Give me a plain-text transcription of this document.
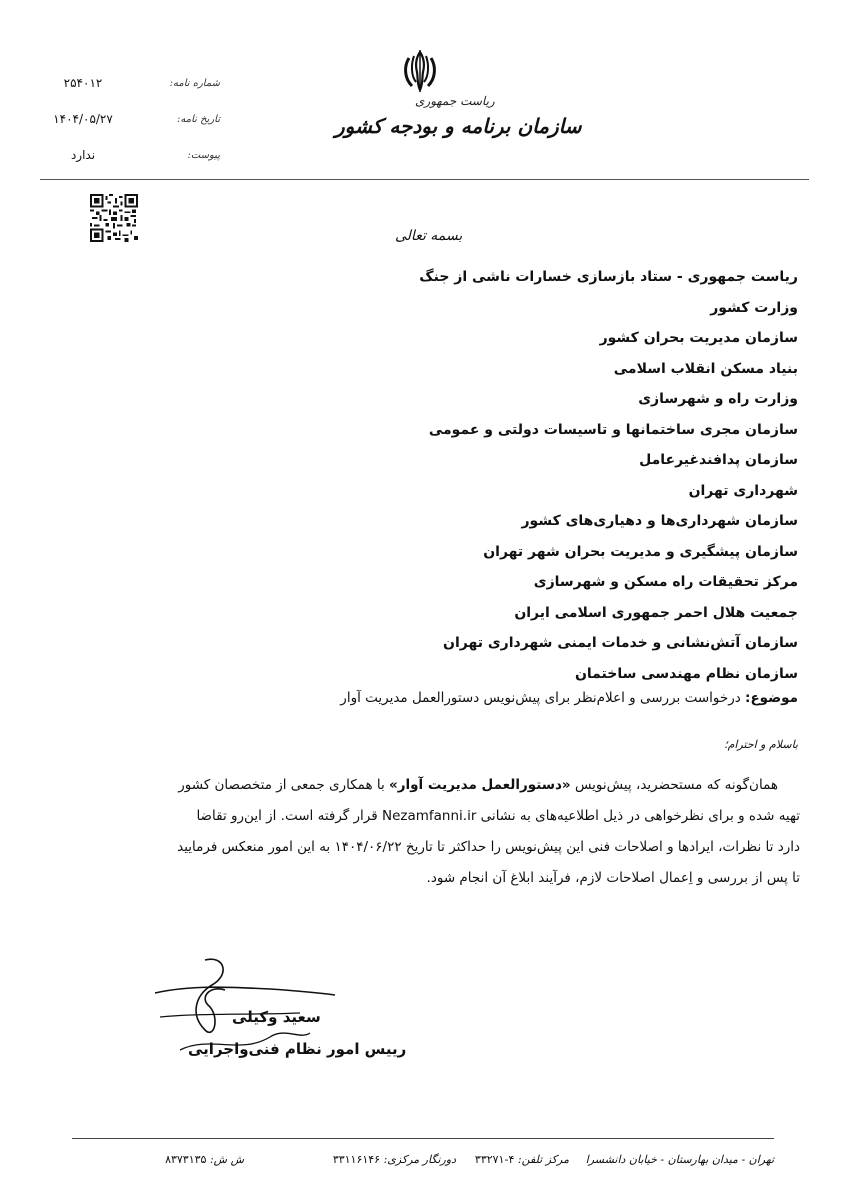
ریاست جمهوری
سازمان برنامه و بودجه کشور
شماره نامه:
۲۵۴۰۱۲
تاریخ نامه:
۱۴۰۴/۰۵/۲۷
پیوست:
ندارد
بسمه تعالی
ریاست جمهوری - ستاد بازسازی خسارات ناشی از جنگ
وزارت کشور
سازمان مدیریت بحران کشور
بنیاد مسکن انقلاب اسلامی
وزارت راه و شهرسازی
سازمان مجری ساختمانها و تاسیسات دولتی و عمومی
سازمان پدافندغیرعامل
شهرداری تهران
سازمان شهرداری‌ها و دهیاری‌های کشور
سازمان پیشگیری و مدیریت بحران شهر تهران
مرکز تحقیقات راه مسکن و شهرسازی
جمعیت هلال احمر جمهوری اسلامی ایران
سازمان آتش‌نشانی و خدمات ایمنی شهرداری تهران
سازمان نظام مهندسی ساختمان
موضوع: درخواست بررسی و اعلام‌نظر برای پیش‌نویس دستورالعمل مدیریت آوار
باسلام و احترام؛
همان‌گونه که مستحضرید، پیش‌نویس «دستورالعمل مدیریت آوار» با همکاری جمعی از متخصصان کشور
تهیه شده و برای نظرخواهی در ذیل اطلاعیه‌های به نشانی Nezamfanni.ir قرار گرفته است. از این‌رو تقاضا
دارد تا نظرات، ایرادها و اصلاحات فنی این پیش‌نویس را حداکثر تا تاریخ ۱۴۰۴/۰۶/۲۲ به این امور منعکس فرمایید
تا پس از بررسی و اِعمال اصلاحات لازم، فرآیند ابلاغ آن انجام شود.
سعید وکیلی
رییس امور نظام فنی‌واجرایی
تهران - میدان بهارستان - خیابان دانشسرا
مرکز تلفن: ۴-۳۳۲۷۱
دورنگار مرکزی: ۳۳۱۱۶۱۴۶
ش ش: ۸۳۷۳۱۳۵
